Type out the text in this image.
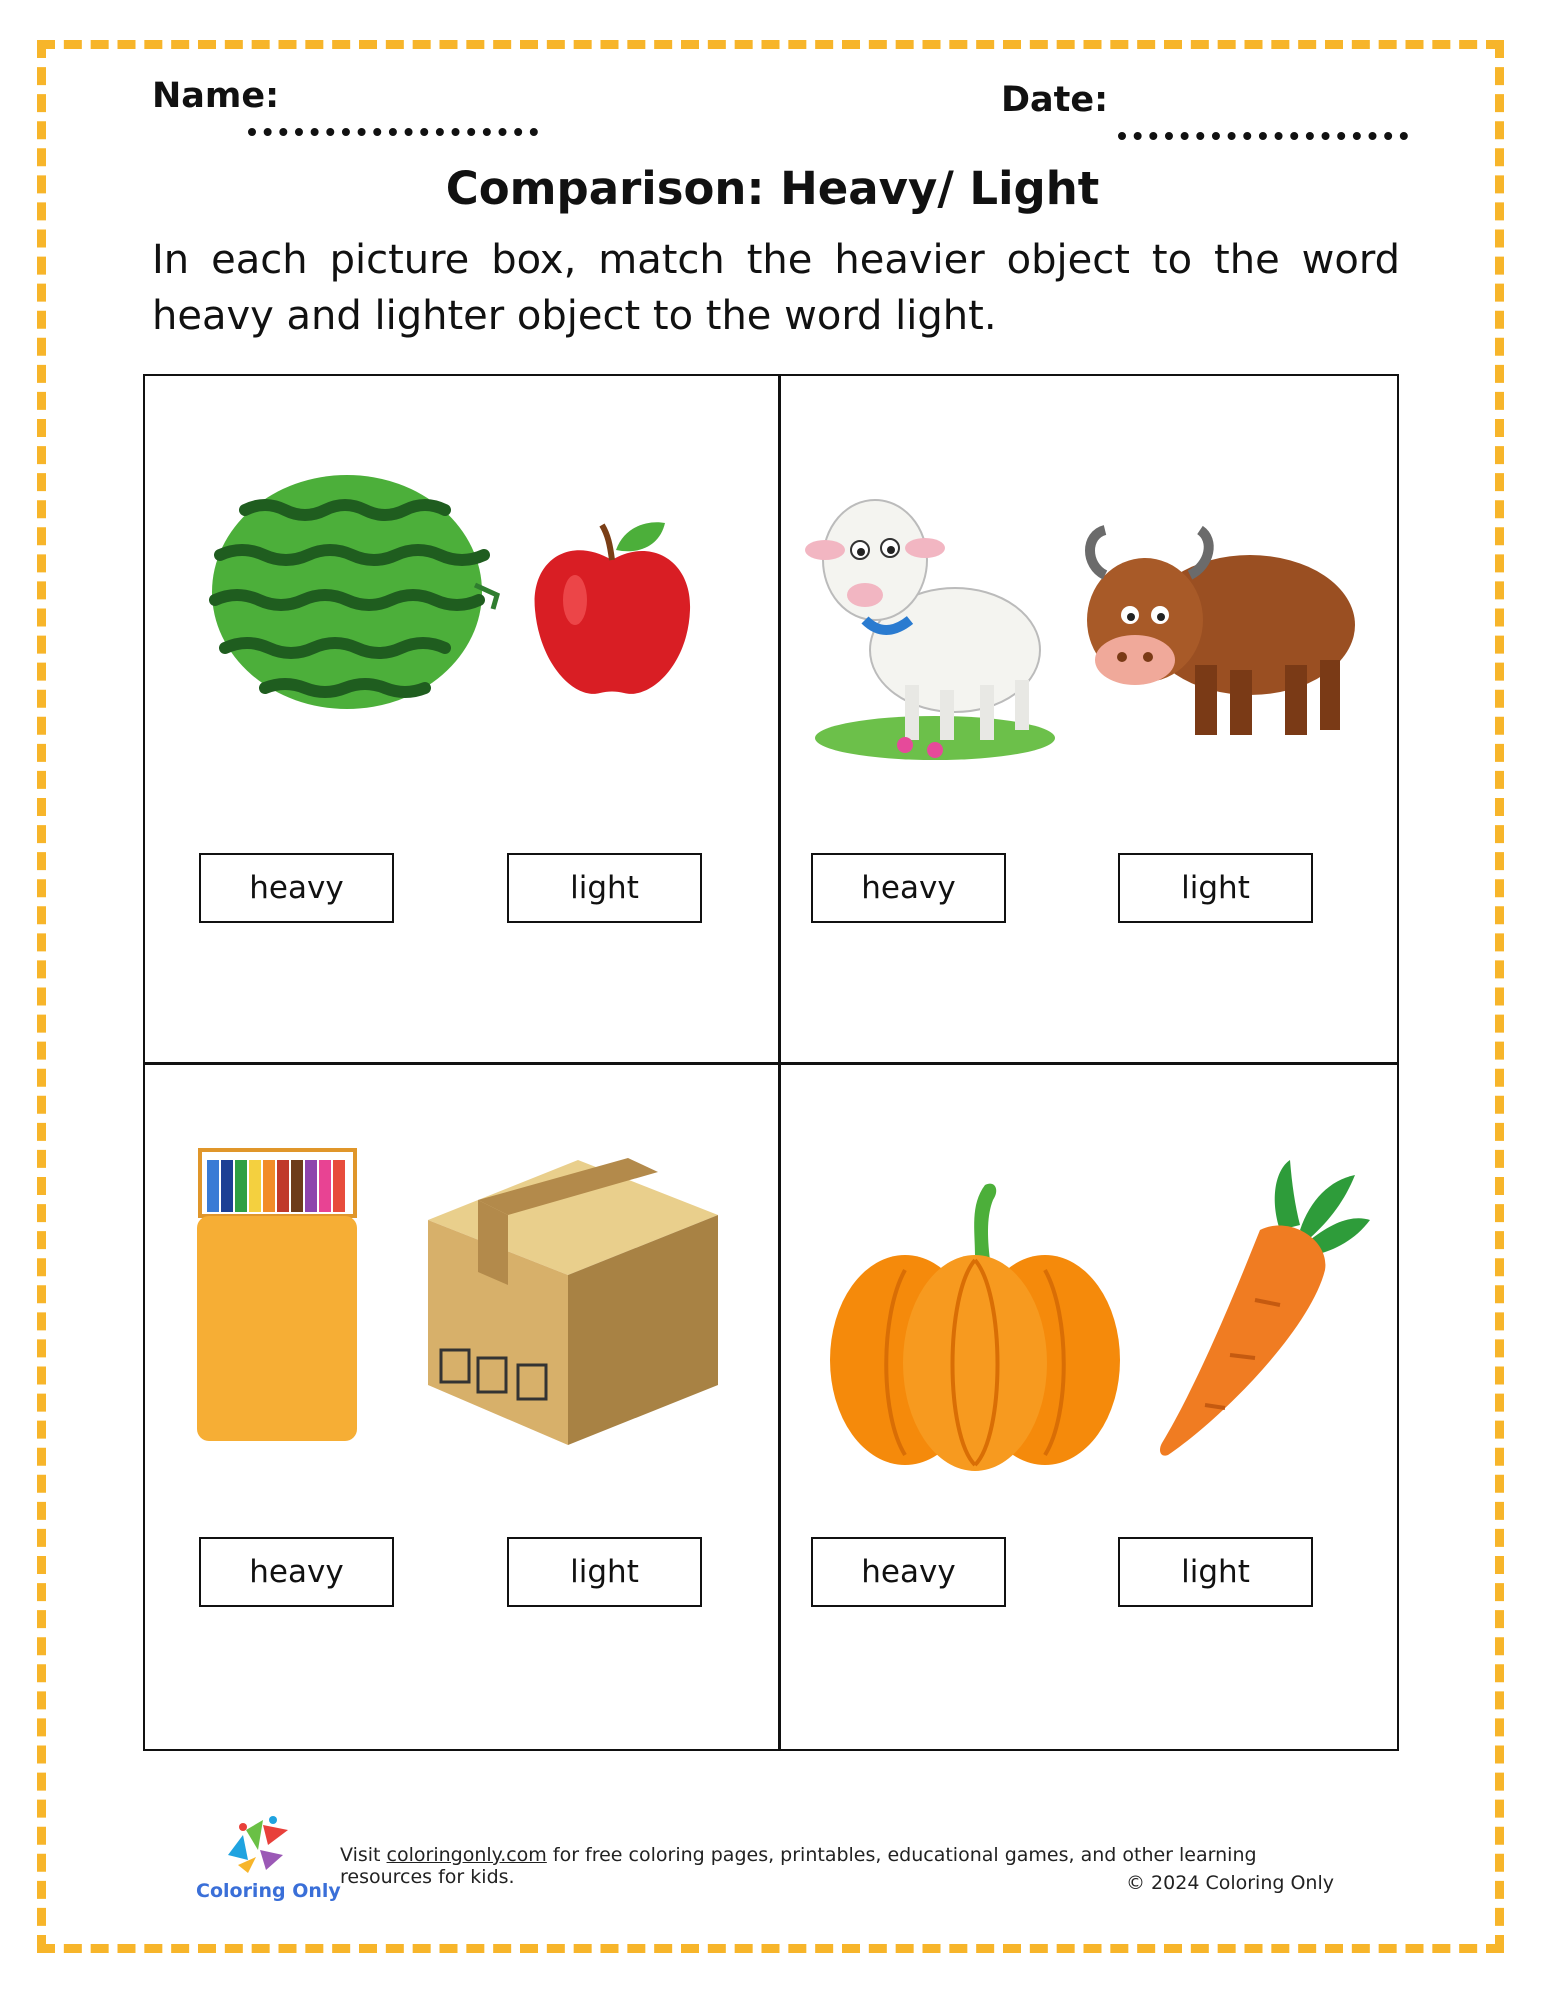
Name:	Date:
Comparison: Heavy/ Light
In each picture box, match the heavier object to the word heavy and lighter object to the word light.
heavy	light	heavy	light
heavy	light	heavy	light
Coloring Only
Visit coloringonly.com for free coloring pages, printables, educational games, and other learning resources for kids.	© 2024 Coloring Only
